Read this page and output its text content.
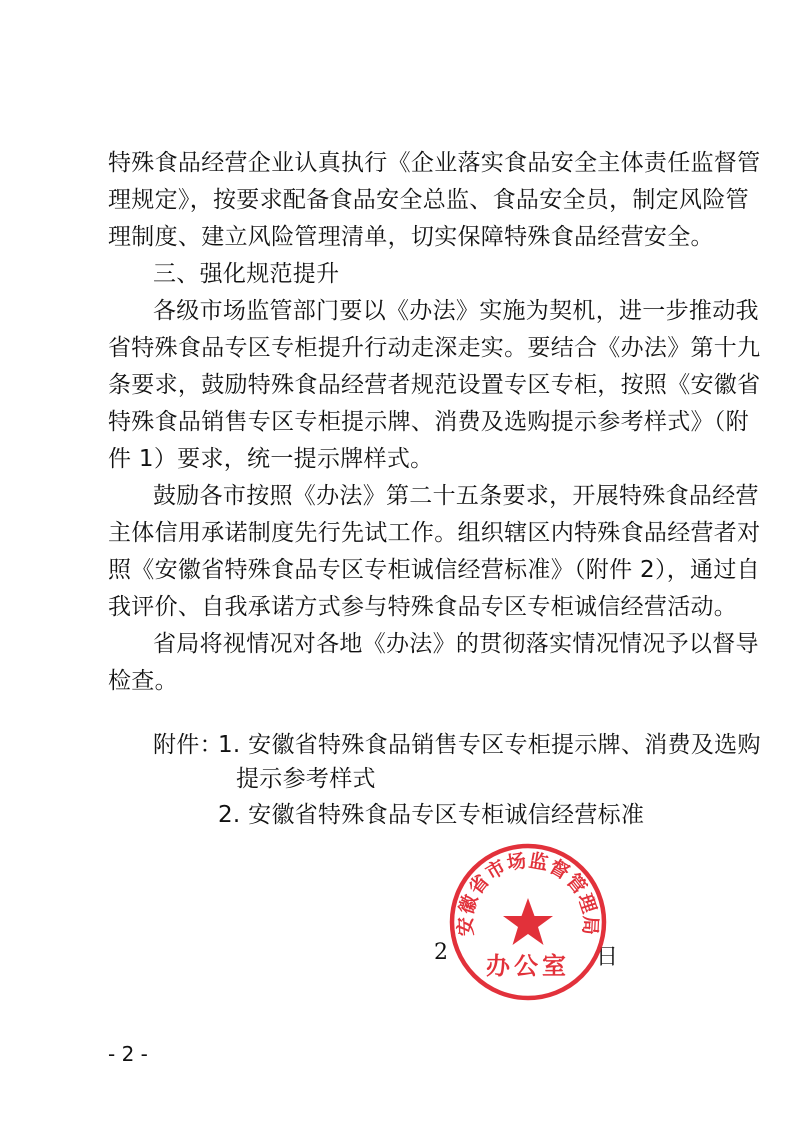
特殊食品经营企业认真执行《企业落实食品安全主体责任监督管
理规定》，按要求配备食品安全总监、食品安全员，制定风险管
理制度、建立风险管理清单，切实保障特殊食品经营安全。
三、强化规范提升
各级市场监管部门要以《办法》实施为契机，进一步推动我
省特殊食品专区专柜提升行动走深走实。要结合《办法》第十九
条要求，鼓励特殊食品经营者规范设置专区专柜，按照《安徽省
特殊食品销售专区专柜提示牌、消费及选购提示参考样式》（附
件 1）要求，统一提示牌样式。
鼓励各市按照《办法》第二十五条要求，开展特殊食品经营
主体信用承诺制度先行先试工作。组织辖区内特殊食品经营者对
照《安徽省特殊食品专区专柜诚信经营标准》（附件 2），通过自
我评价、自我承诺方式参与特殊食品专区专柜诚信经营活动。
省局将视情况对各地《办法》的贯彻落实情况情况予以督导
检查。
附件：
1. 安徽省特殊食品销售专区专柜提示牌、消费及选购
提示参考样式
2. 安徽省特殊食品专区专柜诚信经营标准
2	日
安徽省市场监督管理局
办公室
- 2 -
